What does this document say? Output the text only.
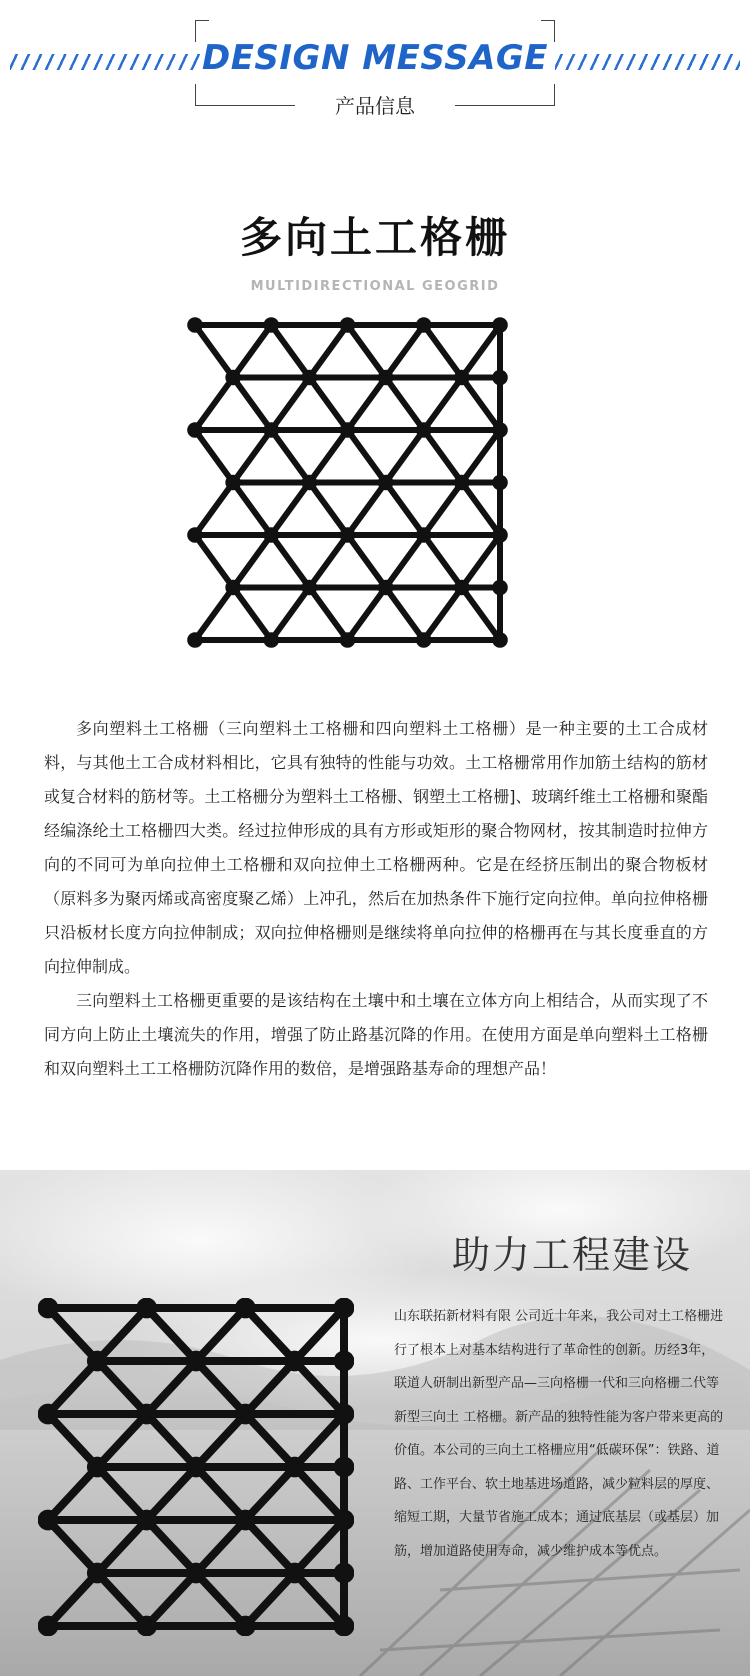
DESIGN MESSAGE
产品信息
多向土工格栅
MULTIDIRECTIONAL GEOGRID

多向塑料土工格栅（三向塑料土工格栅和四向塑料土工格栅）是一种主要的土工合成材料，与其他土工合成材料相比，它具有独特的性能与功效。土工格栅常用作加筋土结构的筋材或复合材料的筋材等。土工格栅分为塑料土工格栅、钢塑土工格栅]、玻璃纤维土工格栅和聚酯经编涤纶土工格栅四大类。经过拉伸形成的具有方形或矩形的聚合物网材，按其制造时拉伸方向的不同可为单向拉伸土工格栅和双向拉伸土工格栅两种。它是在经挤压制出的聚合物板材（原料多为聚丙烯或高密度聚乙烯）上冲孔，然后在加热条件下施行定向拉伸。单向拉伸格栅只沿板材长度方向拉伸制成；双向拉伸格栅则是继续将单向拉伸的格栅再在与其长度垂直的方向拉伸制成。

三向塑料土工格栅更重要的是该结构在土壤中和土壤在立体方向上相结合，从而实现了不同方向上防止土壤流失的作用，增强了防止路基沉降的作用。在使用方面是单向塑料土工格栅和双向塑料土工工格栅防沉降作用的数倍，是增强路基寿命的理想产品！

助力工程建设
山东联拓新材料有限 公司近十年来，我公司对土工格栅进行了根本上对基本结构进行了革命性的创新。历经3年，联道人研制出新型产品—三向格栅一代和三向格栅二代等新型三向土 工格栅。新产品的独特性能为客户带来更高的价值。本公司的三向土工格栅应用“低碳环保”：铁路、道路、工作平台、软土地基进场道路，减少粒料层的厚度、缩短工期，大量节省施工成本；通过底基层（或基层）加筋，增加道路使用寿命，减少维护成本等优点。
